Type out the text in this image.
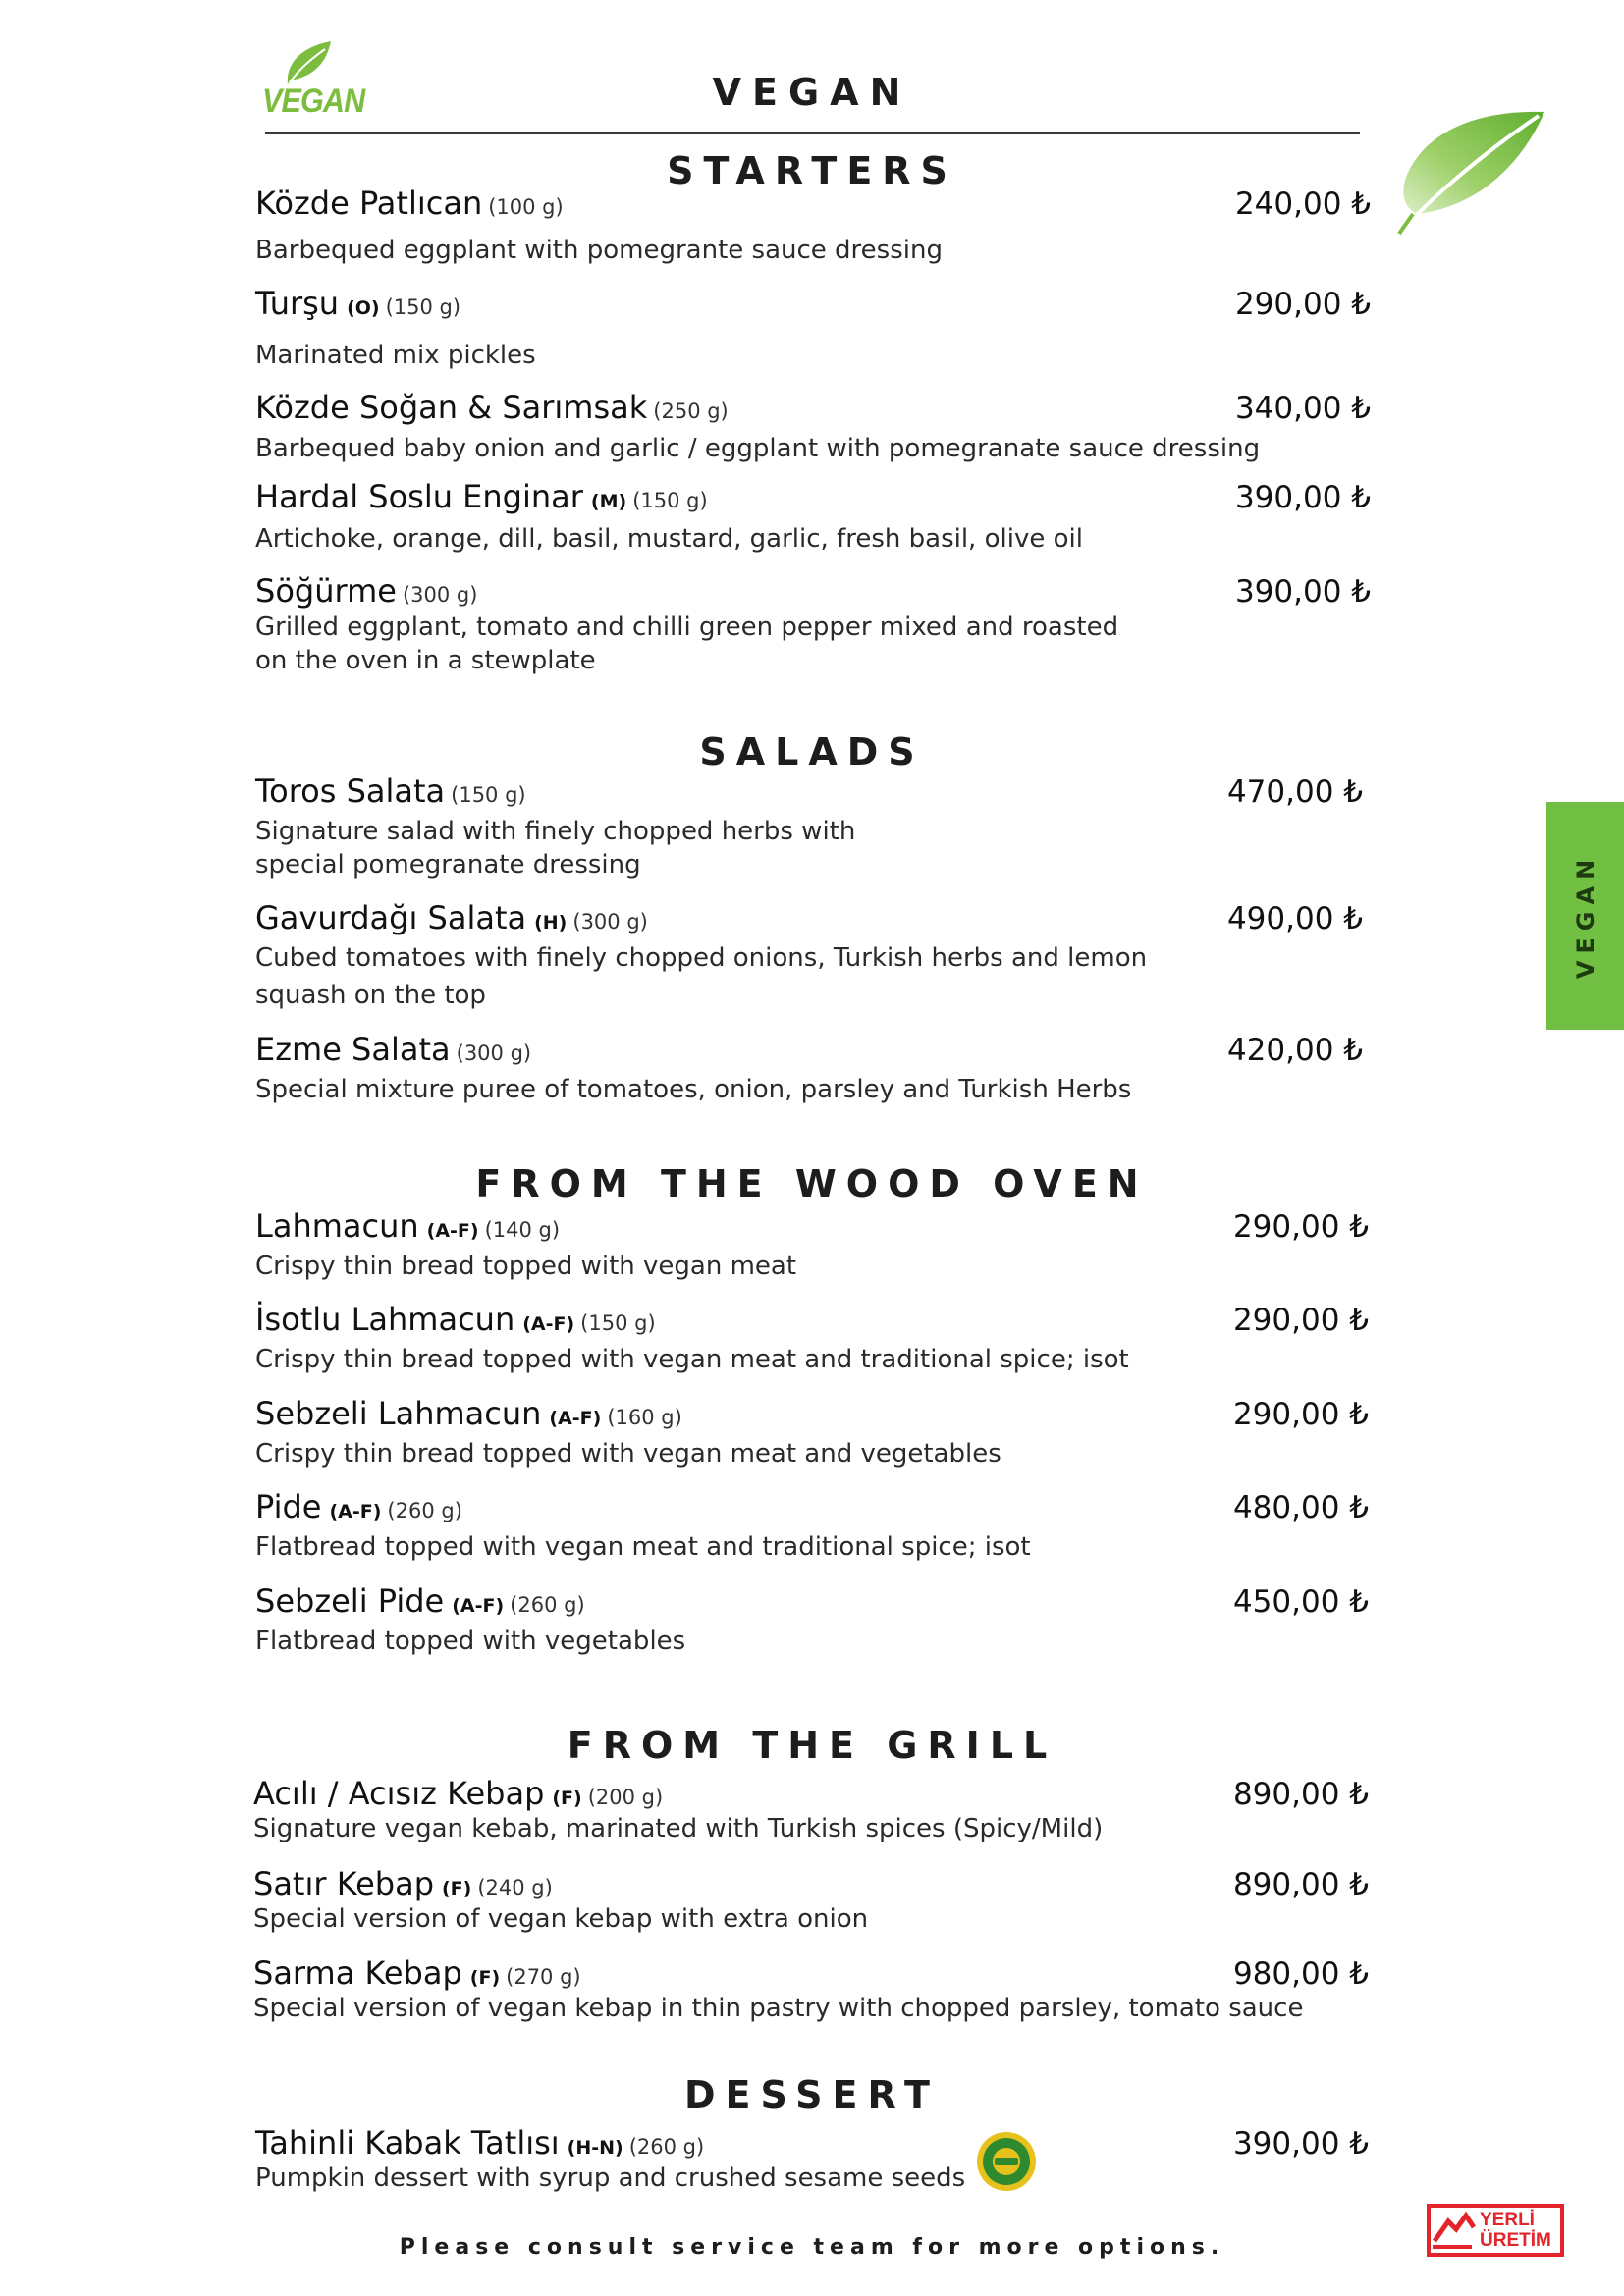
VEGAN	VEGAN
VEGAN
STARTERS
Közde Patlıcan (100 g)	240,00 ₺
Barbequed eggplant with pomegrante sauce dressing
Turşu (O) (150 g)	290,00 ₺
Marinated mix pickles
Közde Soğan & Sarımsak (250 g)	340,00 ₺
Barbequed baby onion and garlic / eggplant with pomegranate sauce dressing
Hardal Soslu Enginar (M) (150 g)	390,00 ₺
Artichoke, orange, dill, basil, mustard, garlic, fresh basil, olive oil
Söğürme (300 g)	390,00 ₺
Grilled eggplant, tomato and chilli green pepper mixed and roasted
on the oven in a stewplate
SALADS
Toros Salata (150 g)	470,00 ₺
Signature salad with finely chopped herbs with
special pomegranate dressing
Gavurdağı Salata (H) (300 g)	490,00 ₺
Cubed tomatoes with finely chopped onions, Turkish herbs and lemon
squash on the top
Ezme Salata (300 g)	420,00 ₺
Special mixture puree of tomatoes, onion, parsley and Turkish Herbs
FROM THE WOOD OVEN
Lahmacun (A-F) (140 g)	290,00 ₺
Crispy thin bread topped with vegan meat
İsotlu Lahmacun (A-F) (150 g)	290,00 ₺
Crispy thin bread topped with vegan meat and traditional spice; isot
Sebzeli Lahmacun (A-F) (160 g)	290,00 ₺
Crispy thin bread topped with vegan meat and vegetables
Pide (A-F) (260 g)	480,00 ₺
Flatbread topped with vegan meat and traditional spice; isot
Sebzeli Pide (A-F) (260 g)	450,00 ₺
Flatbread topped with vegetables
FROM THE GRILL
Acılı / Acısız Kebap (F) (200 g)	890,00 ₺
Signature vegan kebab, marinated with Turkish spices (Spicy/Mild)
Satır Kebap (F) (240 g)	890,00 ₺
Special version of vegan kebap with extra onion
Sarma Kebap (F) (270 g)	980,00 ₺
Special version of vegan kebap in thin pastry with chopped parsley, tomato sauce
DESSERT
Tahinli Kabak Tatlısı (H-N) (260 g)	390,00 ₺
Pumpkin dessert with syrup and crushed sesame seeds
Please consult service team for more options.
YERLİ
ÜRETİM
